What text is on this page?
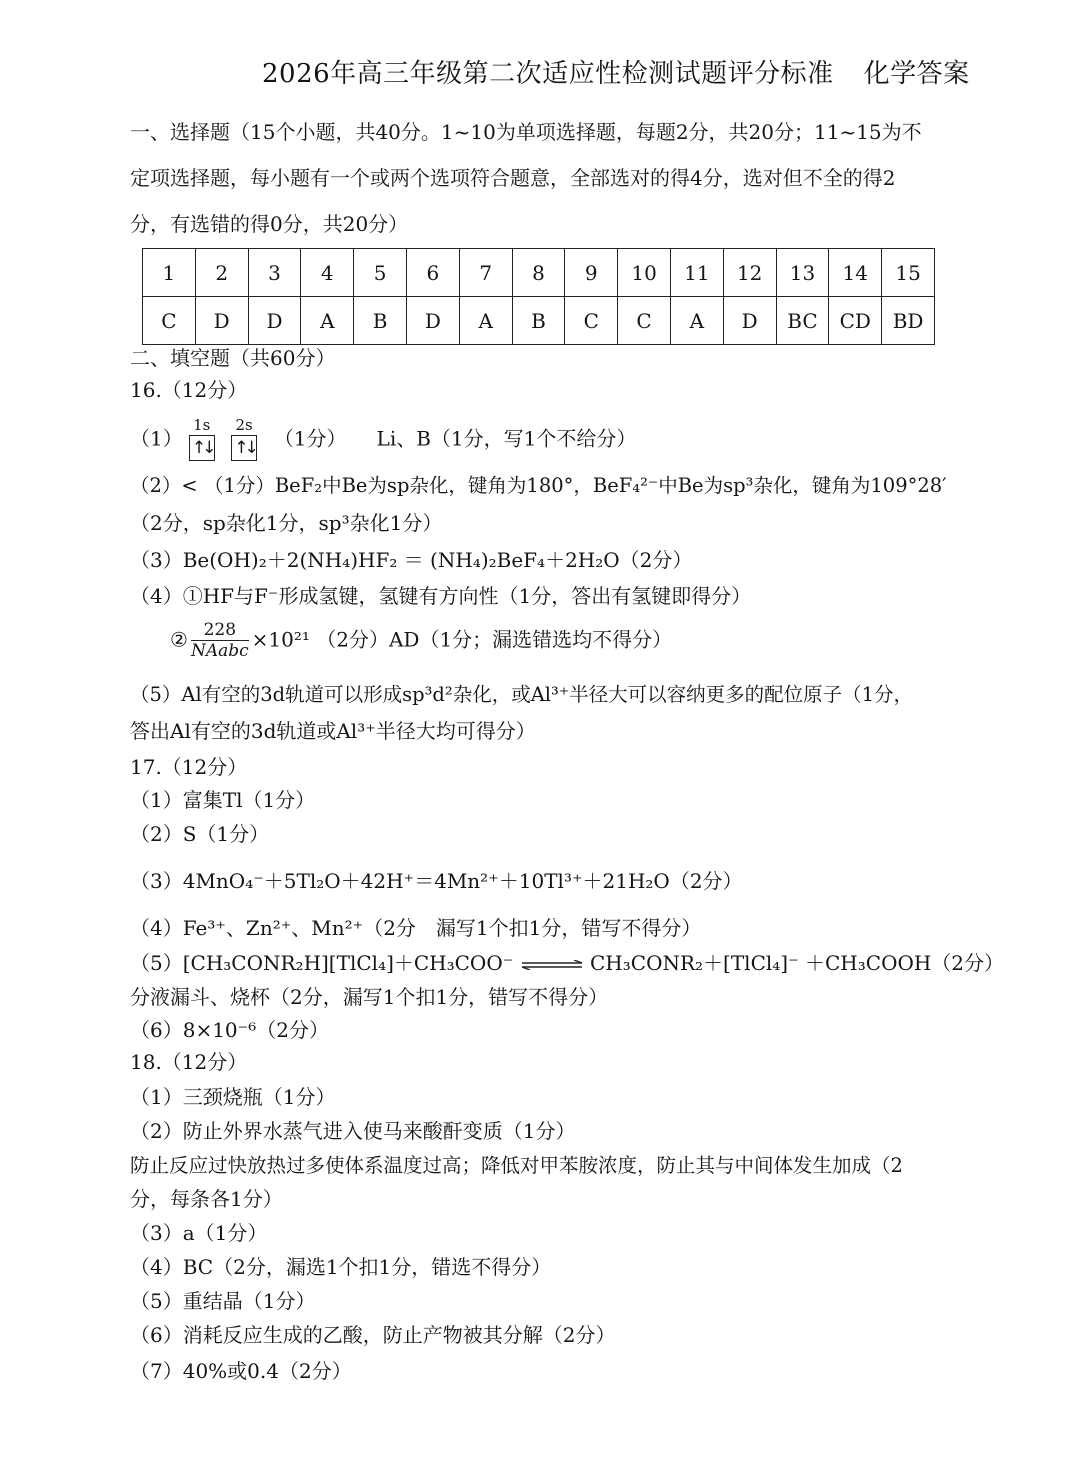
2026年高三年级第二次适应性检测试题评分标准 化学答案
一、选择题（15个小题，共40分。1~10为单项选择题，每题2分，共20分；11~15为不
定项选择题，每小题有一个或两个选项符合题意，全部选对的得4分，选对但不全的得2
分，有选错的得0分，共20分）
1	2	3	4	5	6	7	8	9	10	11	12	13	14	15
C	D	D	A	B	D	A	B	C	C	A	D	BC	CD	BD
二、填空题（共60分）
16.（12分）
（1）
1s
↑↓

2s
↑↓ （1分）　　Li、B（1分，写1个不给分）
（2）< （1分）BeF₂中Be为sp杂化，键角为180°，BeF₄²⁻中Be为sp³杂化，键角为109°28′
（2分，sp杂化1分，sp³杂化1分）
（3）Be(OH)₂＋2(NH₄)HF₂ ＝ (NH₄)₂BeF₄＋2H₂O（2分）
（4）①HF与F⁻形成氢键，氢键有方向性（1分，答出有氢键即得分）
② $\frac{228}{\text{NAabc}} \times 10^{21}$ （2分）AD（1分；漏选错选均不得分）
（5）Al有空的3d轨道可以形成sp³d²杂化，或Al³⁺半径大可以容纳更多的配位原子（1分，
答出Al有空的3d轨道或Al³⁺半径大均可得分）
17.（12分）
（1）富集Tl（1分）
（2）S（1分）
（3）4MnO₄⁻＋5Tl₂O＋42H⁺＝4Mn²⁺＋10Tl³⁺＋21H₂O（2分）
（4）Fe³⁺、Zn²⁺、Mn²⁺（2分　漏写1个扣1分，错写不得分）
（5）[CH₃CONR₂H][TlCl₄]＋CH₃COO⁻ ⇌ CH₃CONR₂＋[TlCl₄]⁻ ＋CH₃COOH（2分）
分液漏斗、烧杯（2分，漏写1个扣1分，错写不得分）
（6）8×10⁻⁶（2分）
18.（12分）
（1）三颈烧瓶（1分）
（2）防止外界水蒸气进入使马来酸酐变质（1分）
防止反应过快放热过多使体系温度过高；降低对甲苯胺浓度，防止其与中间体发生加成（2
分，每条各1分）
（3）a（1分）
（4）BC（2分，漏选1个扣1分，错选不得分）
（5）重结晶（1分）
（6）消耗反应生成的乙酸，防止产物被其分解（2分）
（7）40%或0.4（2分）
